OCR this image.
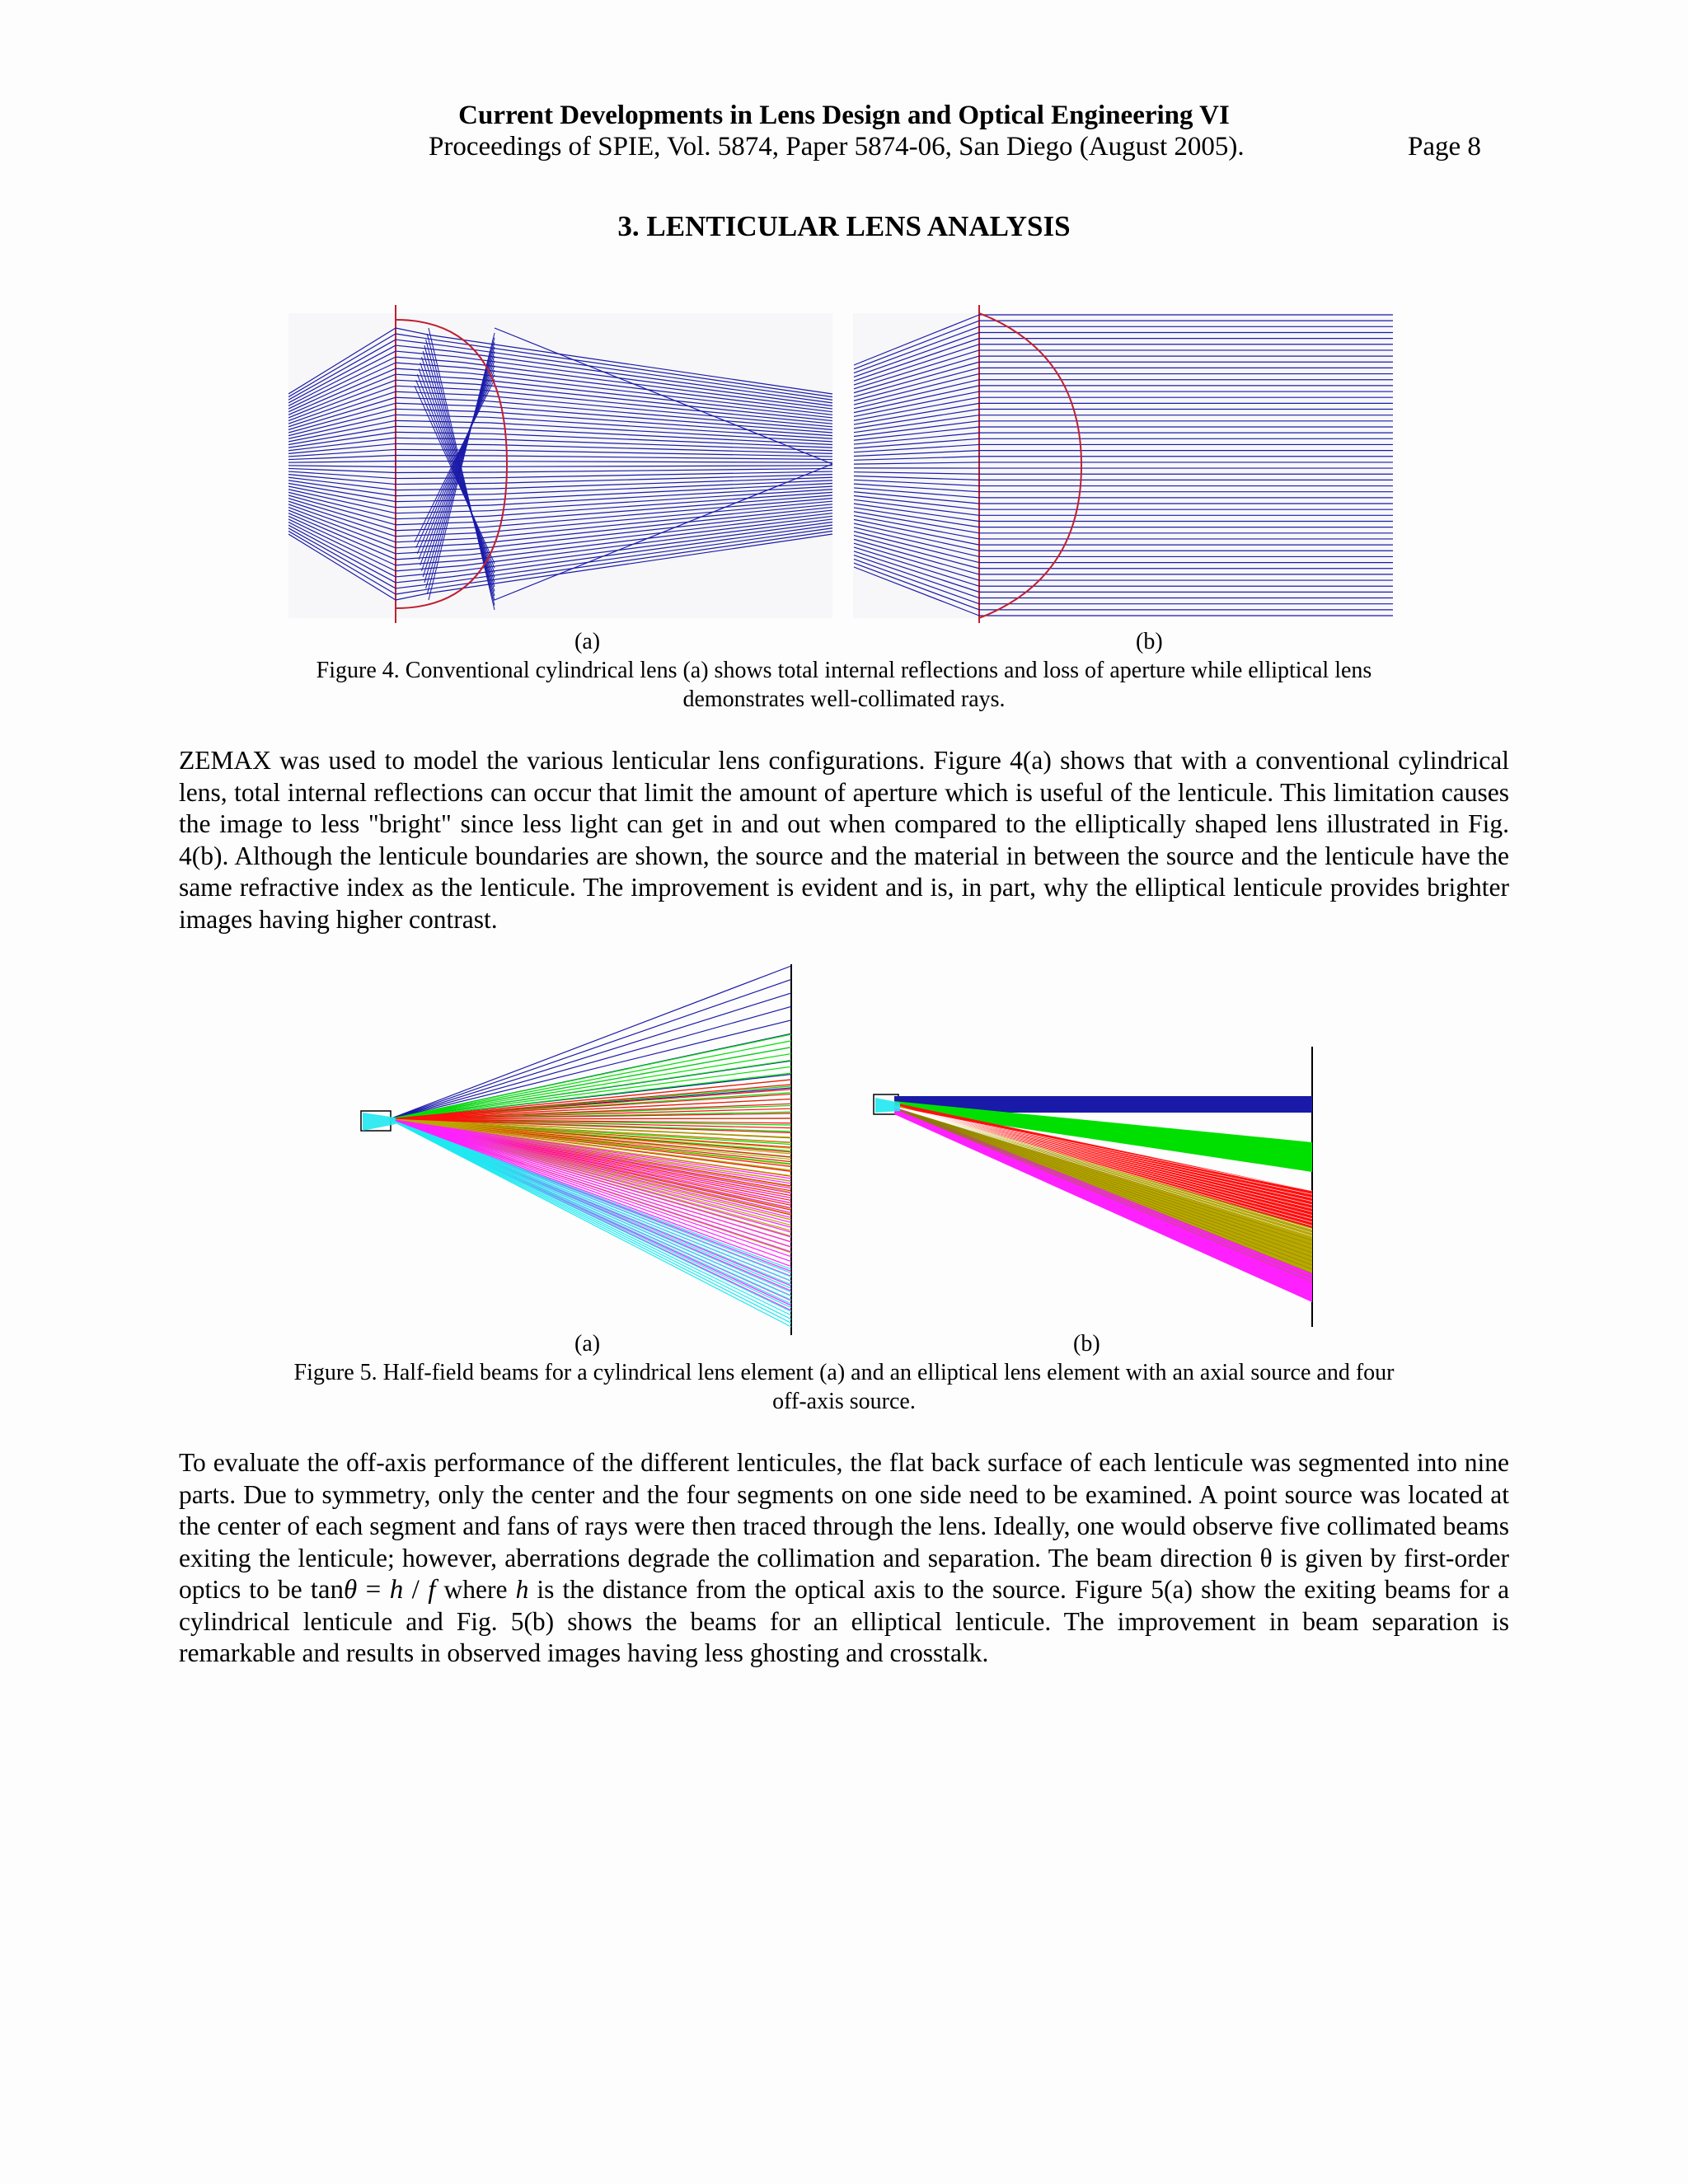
Current Developments in Lens Design and Optical Engineering VI
Proceedings of SPIE, Vol. 5874, Paper 5874-06, San Diego (August 2005).	Page 8
3. LENTICULAR LENS ANALYSIS
(a)	(b)
Figure 4. Conventional cylindrical lens (a) shows total internal reflections and loss of aperture while elliptical lens demonstrates well-collimated rays.

ZEMAX was used to model the various lenticular lens configurations. Figure 4(a) shows that with a conventional cylindrical lens, total internal reflections can occur that limit the amount of aperture which is useful of the lenticule. This limitation causes the image to less "bright" since less light can get in and out when compared to the elliptically shaped lens illustrated in Fig. 4(b). Although the lenticule boundaries are shown, the source and the material in between the source and the lenticule have the same refractive index as the lenticule. The improvement is evident and is, in part, why the elliptical lenticule provides brighter images having higher contrast.

(a)	(b)
Figure 5. Half-field beams for a cylindrical lens element (a) and an elliptical lens element with an axial source and four off-axis source.

To evaluate the off-axis performance of the different lenticules, the flat back surface of each lenticule was segmented into nine parts. Due to symmetry, only the center and the four segments on one side need to be examined. A point source was located at the center of each segment and fans of rays were then traced through the lens. Ideally, one would observe five collimated beams exiting the lenticule; however, aberrations degrade the collimation and separation. The beam direction θ is given by first-order optics to be tanθ = h / f where h is the distance from the optical axis to the source. Figure 5(a) show the exiting beams for a cylindrical lenticule and Fig. 5(b) shows the beams for an elliptical lenticule. The improvement in beam separation is remarkable and results in observed images having less ghosting and crosstalk.
